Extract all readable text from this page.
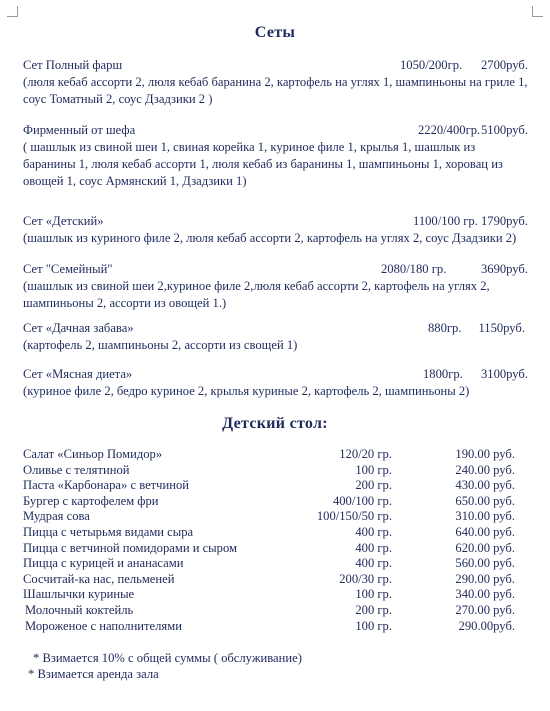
Сеты
Сет Полный фарш	1050/200гр. 2700руб.

(люля кебаб ассорти 2, люля кебаб баранина 2, картофель на углях 1, шампиньоны на гриле 1, соус Томатный 2, соус Дзадзики 2 )

Фирменный от шефа	2220/400гр. 5100руб.

( шашлык из свиной шеи 1, свиная корейка 1, куриное филе 1, крылья 1, шашлык из баранины 1, люля кебаб ассорти 1, люля кебаб из баранины 1, шампиньоны 1, хоровац из овощей 1, соус Армянский 1, Дзадзики 1)

Сет «Детский»	1100/100 гр. 1790руб.

(шашлык из куриного филе 2, люля кебаб ассорти 2, картофель на углях 2, соус Дзадзики 2)

Сет "Семейный"	2080/180 гр.	3690руб.

(шашлык из свиной шеи 2,куриное филе 2,люля кебаб ассорти 2, картофель на углях 2, шампиньоны 2, ассорти из овощей 1.)

Сет «Дачная забава»	880гр. 1150руб.

(картофель 2, шампиньоны 2, ассорти из свощей 1)

Сет «Мясная диета»	1800гр. 3100руб.

(куриное филе 2, бедро куриное 2, крылья куриные 2, картофель 2, шампиньоны 2)

Детский стол:
Салат «Синьор Помидор»	120/20 гр.	190.00 руб.
Оливье с телятиной	100 гр.	240.00 руб.
Паста «Карбонара» с ветчиной	200 гр.	430.00 руб.
Бургер с картофелем фри	400/100 гр.	650.00 руб.
Мудрая сова	100/150/50 гр.	310.00 руб.
Пицца с четырьмя видами сыра	400 гр.	640.00 руб.
Пицца с ветчиной помидорами и сыром	400 гр.	620.00 руб.
Пицца с курицей и ананасами	400 гр.	560.00 руб.
Сосчитай-ка нас, пельменей	200/30 гр.	290.00 руб.
Шашлычки куриные	100 гр.	340.00 руб.
Молочный коктейль	200 гр.	270.00 руб.
Мороженое с наполнителями	100 гр.	290.00руб.
* Взимается 10% с общей суммы ( обслуживание)
* Взимается аренда зала
